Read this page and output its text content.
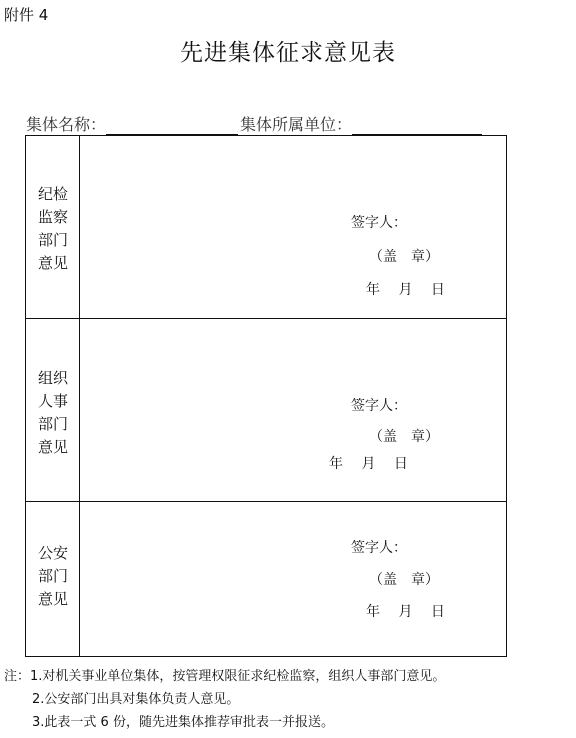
附件 4
先进集体征求意见表
集体名称：	集体所属单位：
纪检
监察
部门
意见
签字人：
（盖　章）
年　 月　 日
组织
人事
部门
意见
签字人：
（盖　章）
年　 月　 日
公安
部门
意见
签字人：
（盖　章）
年　 月　 日
注：1.对机关事业单位集体，按管理权限征求纪检监察，组织人事部门意见。
2.公安部门出具对集体负责人意见。
3.此表一式 6 份，随先进集体推荐审批表一并报送。
